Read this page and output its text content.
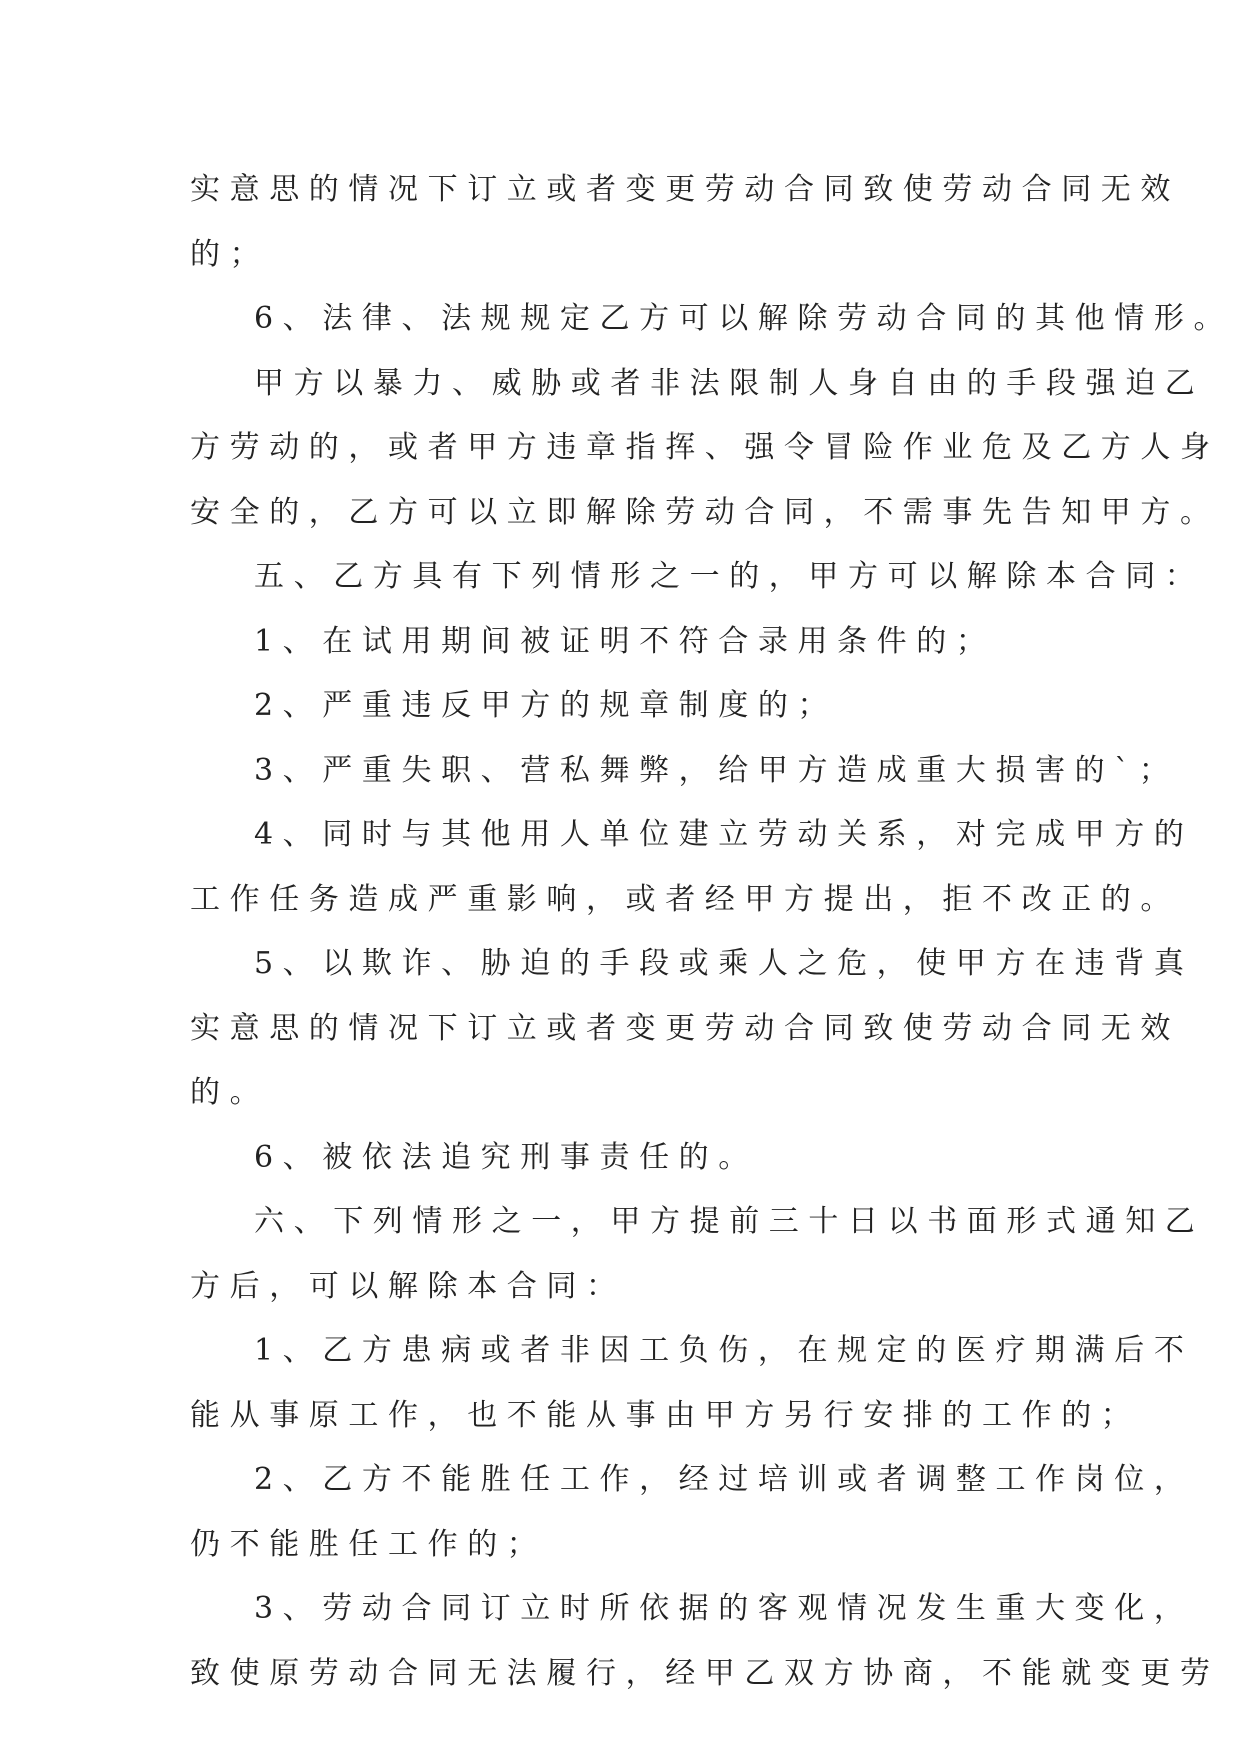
实意思的情况下订立或者变更劳动合同致使劳动合同无效
的；
6、法律、法规规定乙方可以解除劳动合同的其他情形。
甲方以暴力、威胁或者非法限制人身自由的手段强迫乙
方劳动的，或者甲方违章指挥、强令冒险作业危及乙方人身
安全的，乙方可以立即解除劳动合同，不需事先告知甲方。
五、乙方具有下列情形之一的，甲方可以解除本合同：
1、在试用期间被证明不符合录用条件的；
2、严重违反甲方的规章制度的；
3、严重失职、营私舞弊，给甲方造成重大损害的`；
4、同时与其他用人单位建立劳动关系，对完成甲方的
工作任务造成严重影响，或者经甲方提出，拒不改正的。
5、以欺诈、胁迫的手段或乘人之危，使甲方在违背真
实意思的情况下订立或者变更劳动合同致使劳动合同无效
的。
6、被依法追究刑事责任的。
六、下列情形之一，甲方提前三十日以书面形式通知乙
方后，可以解除本合同：
1、乙方患病或者非因工负伤，在规定的医疗期满后不
能从事原工作，也不能从事由甲方另行安排的工作的；
2、乙方不能胜任工作，经过培训或者调整工作岗位，
仍不能胜任工作的；
3、劳动合同订立时所依据的客观情况发生重大变化，
致使原劳动合同无法履行，经甲乙双方协商，不能就变更劳
